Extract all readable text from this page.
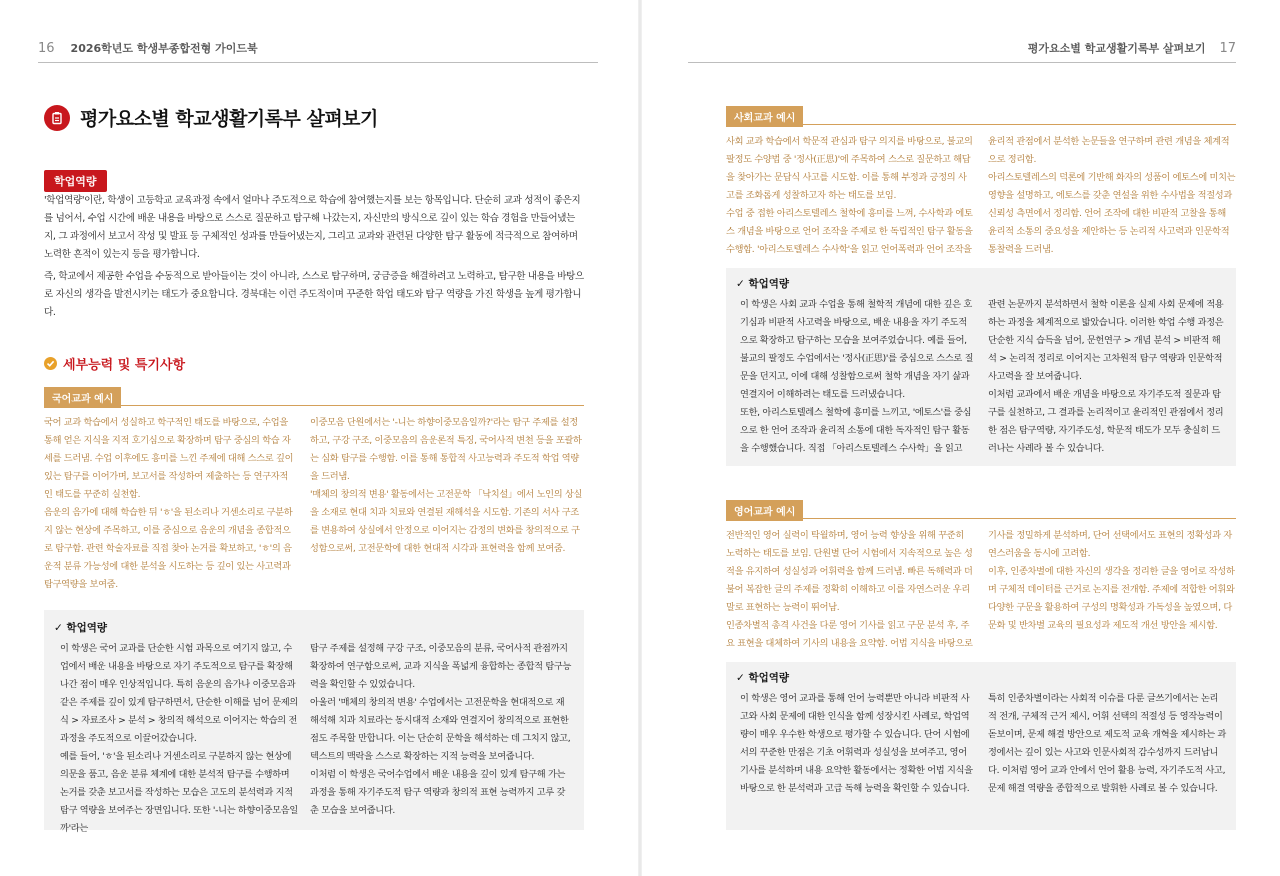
16 2026학년도 학생부종합전형 가이드북
평가요소별 학교생활기록부 살펴보기
학업역량
'학업역량'이란, 학생이 고등학교 교육과정 속에서 얼마나 주도적으로 학습에 참여했는지를 보는 항목입니다. 단순히 교과 성적이 좋은지를 넘어서, 수업 시간에 배운 내용을 바탕으로 스스로 질문하고 탐구해 나갔는지, 자신만의 방식으로 깊이 있는 학습 경험을 만들어냈는지, 그 과정에서 보고서 작성 및 발표 등 구체적인 성과를 만들어냈는지, 그리고 교과와 관련된 다양한 탐구 활동에 적극적으로 참여하며 노력한 흔적이 있는지 등을 평가합니다.
즉, 학교에서 제공한 수업을 수동적으로 받아들이는 것이 아니라, 스스로 탐구하며, 궁금증을 해결하려고 노력하고, 탐구한 내용을 바탕으로 자신의 생각을 발전시키는 태도가 중요합니다. 경북대는 이런 주도적이며 꾸준한 학업 태도와 탐구 역량을 가진 학생을 높게 평가합니다.
세부능력 및 특기사항
국어교과 예시
국어 교과 학습에서 성실하고 학구적인 태도를 바탕으로, 수업을 통해 얻은 지식을 지적 호기심으로 확장하며 탐구 중심의 학습 자세를 드러냄. 수업 이후에도 흥미를 느낀 주제에 대해 스스로 깊이 있는 탐구를 이어가며, 보고서를 작성하여 제출하는 등 연구자적인 태도를 꾸준히 실천함.
음운의 음가에 대해 학습한 뒤 'ㅎ'을 된소리나 거센소리로 구분하지 않는 현상에 주목하고, 이를 중심으로 음운의 개념을 종합적으로 탐구함. 관련 학술자료를 직접 찾아 논거를 확보하고, 'ㅎ'의 음운적 분류 가능성에 대한 분석을 시도하는 등 깊이 있는 사고력과 탐구역량을 보여줌.
이중모음 단원에서는 '-니는 하향이중모음일까?'라는 탐구 주제를 설정하고, 구강 구조, 이중모음의 음운론적 특징, 국어사적 변천 등을 포괄하는 심화 탐구를 수행함. 이를 통해 통합적 사고능력과 주도적 학업 역량을 드러냄.
'매체의 창의적 변용' 활동에서는 고전문학 「낙치설」에서 노인의 상실을 소재로 현대 치과 치료와 연결된 재해석을 시도함. 기존의 서사 구조를 변용하여 상실에서 안정으로 이어지는 감정의 변화를 창의적으로 구성함으로써, 고전문학에 대한 현대적 시각과 표현력을 함께 보여줌.
✓ 학업역량
이 학생은 국어 교과를 단순한 시험 과목으로 여기지 않고, 수업에서 배운 내용을 바탕으로 자기 주도적으로 탐구를 확장해 나간 점이 매우 인상적입니다. 특히 음운의 음가나 이중모음과 같은 주제를 깊이 있게 탐구하면서, 단순한 이해를 넘어 문제의식 > 자료조사 > 분석 > 창의적 해석으로 이어지는 학습의 전 과정을 주도적으로 이끌어갔습니다.
예를 들어, 'ㅎ'을 된소리나 거센소리로 구분하지 않는 현상에 의문을 품고, 음운 분류 체계에 대한 분석적 탐구를 수행하며 논거를 갖춘 보고서를 작성하는 모습은 고도의 분석력과 지적 탐구 역량을 보여주는 장면입니다. 또한 '-니는 하향이중모음일까'라는
탐구 주제를 설정해 구강 구조, 이중모음의 분류, 국어사적 관점까지 확장하여 연구함으로써, 교과 지식을 폭넓게 융합하는 종합적 탐구능력을 확인할 수 있었습니다.
아울러 '매체의 창의적 변용' 수업에서는 고전문학을 현대적으로 재해석해 치과 치료라는 동시대적 소재와 연결지어 창의적으로 표현한 점도 주목할 만합니다. 이는 단순히 문학을 해석하는 데 그치지 않고, 텍스트의 맥락을 스스로 확장하는 지적 능력을 보여줍니다.
이처럼 이 학생은 국어수업에서 배운 내용을 깊이 있게 탐구해 가는 과정을 통해 자기주도적 탐구 역량과 창의적 표현 능력까지 고루 갖춘 모습을 보여줍니다.
평가요소별 학교생활기록부 살펴보기 17
사회교과 예시
사회 교과 학습에서 학문적 관심과 탐구 의지를 바탕으로, 불교의 팔정도 수양법 중 '정사(正思)'에 주목하여 스스로 질문하고 해답을 찾아가는 문답식 사고를 시도함. 이를 통해 부정과 긍정의 사고를 조화롭게 성찰하고자 하는 태도를 보임.
수업 중 접한 아리스토텔레스 철학에 흥미를 느껴, 수사학과 에토스 개념을 바탕으로 언어 조작을 주제로 한 독립적인 탐구 활동을 수행함. '아리스토텔레스 수사학'을 읽고 언어폭력과 언어 조작을
윤리적 관점에서 분석한 논문들을 연구하며 관련 개념을 체계적으로 정리함.
아리스토텔레스의 덕론에 기반해 화자의 성품이 에토스에 미치는 영향을 설명하고, 에토스를 갖춘 연설을 위한 수사법을 적절성과 신뢰성 측면에서 정리함. 언어 조작에 대한 비판적 고찰을 통해 윤리적 소통의 중요성을 제안하는 등 논리적 사고력과 인문학적 통찰력을 드러냄.
✓ 학업역량
이 학생은 사회 교과 수업을 통해 철학적 개념에 대한 깊은 호기심과 비판적 사고력을 바탕으로, 배운 내용을 자기 주도적으로 확장하고 탐구하는 모습을 보여주었습니다. 예를 들어, 불교의 팔정도 수업에서는 '정사(正思)'를 중심으로 스스로 질문을 던지고, 이에 대해 성찰함으로써 철학 개념을 자기 삶과 연결지어 이해하려는 태도를 드러냈습니다.
또한, 아리스토텔레스 철학에 흥미를 느끼고, '에토스'를 중심으로 한 언어 조작과 윤리적 소통에 대한 독자적인 탐구 활동을 수행했습니다. 직접 「아리스토텔레스 수사학」을 읽고
관련 논문까지 분석하면서 철학 이론을 실제 사회 문제에 적용하는 과정을 체계적으로 밟았습니다. 이러한 학업 수행 과정은 단순한 지식 습득을 넘어, 문헌연구 > 개념 분석 > 비판적 해석 > 논리적 정리로 이어지는 고차원적 탐구 역량과 인문학적 사고력을 잘 보여줍니다.
이처럼 교과에서 배운 개념을 바탕으로 자기주도적 질문과 탐구를 실천하고, 그 결과를 논리적이고 윤리적인 관점에서 정리한 점은 탐구역량, 자기주도성, 학문적 태도가 모두 충실히 드러나는 사례라 볼 수 있습니다.
영어교과 예시
전반적인 영어 실력이 탁월하며, 영어 능력 향상을 위해 꾸준히 노력하는 태도를 보임. 단원별 단어 시험에서 지속적으로 높은 성적을 유지하여 성실성과 어휘력을 함께 드러냄. 빠른 독해력과 더불어 복잡한 글의 주제를 정확히 이해하고 이를 자연스러운 우리말로 표현하는 능력이 뛰어남.
인종차별적 총격 사건을 다룬 영어 기사를 읽고 구문 분석 후, 주요 표현을 대체하여 기사의 내용을 요약함. 어법 지식을 바탕으로
기사를 정밀하게 분석하며, 단어 선택에서도 표현의 정확성과 자연스러움을 동시에 고려함.
이후, 인종차별에 대한 자신의 생각을 정리한 글을 영어로 작성하며 구체적 데이터를 근거로 논지를 전개함. 주제에 적합한 어휘와 다양한 구문을 활용하여 구성의 명확성과 가독성을 높였으며, 다문화 및 반차별 교육의 필요성과 제도적 개선 방안을 제시함.
✓ 학업역량
이 학생은 영어 교과를 통해 언어 능력뿐만 아니라 비판적 사고와 사회 문제에 대한 인식을 함께 성장시킨 사례로, 학업역량이 매우 우수한 학생으로 평가할 수 있습니다. 단어 시험에서의 꾸준한 만점은 기초 어휘력과 성실성을 보여주고, 영어 기사를 분석하며 내용 요약한 활동에서는 정확한 어법 지식을 바탕으로 한 분석력과 고급 독해 능력을 확인할 수 있습니다.
특히 인종차별이라는 사회적 이슈를 다룬 글쓰기에서는 논리적 전개, 구체적 근거 제시, 어휘 선택의 적절성 등 영작능력이 돋보이며, 문제 해결 방안으로 제도적 교육 개혁을 제시하는 과정에서는 깊이 있는 사고와 인문사회적 감수성까지 드러납니다. 이처럼 영어 교과 안에서 언어 활용 능력, 자기주도적 사고, 문제 해결 역량을 종합적으로 발휘한 사례로 볼 수 있습니다.
